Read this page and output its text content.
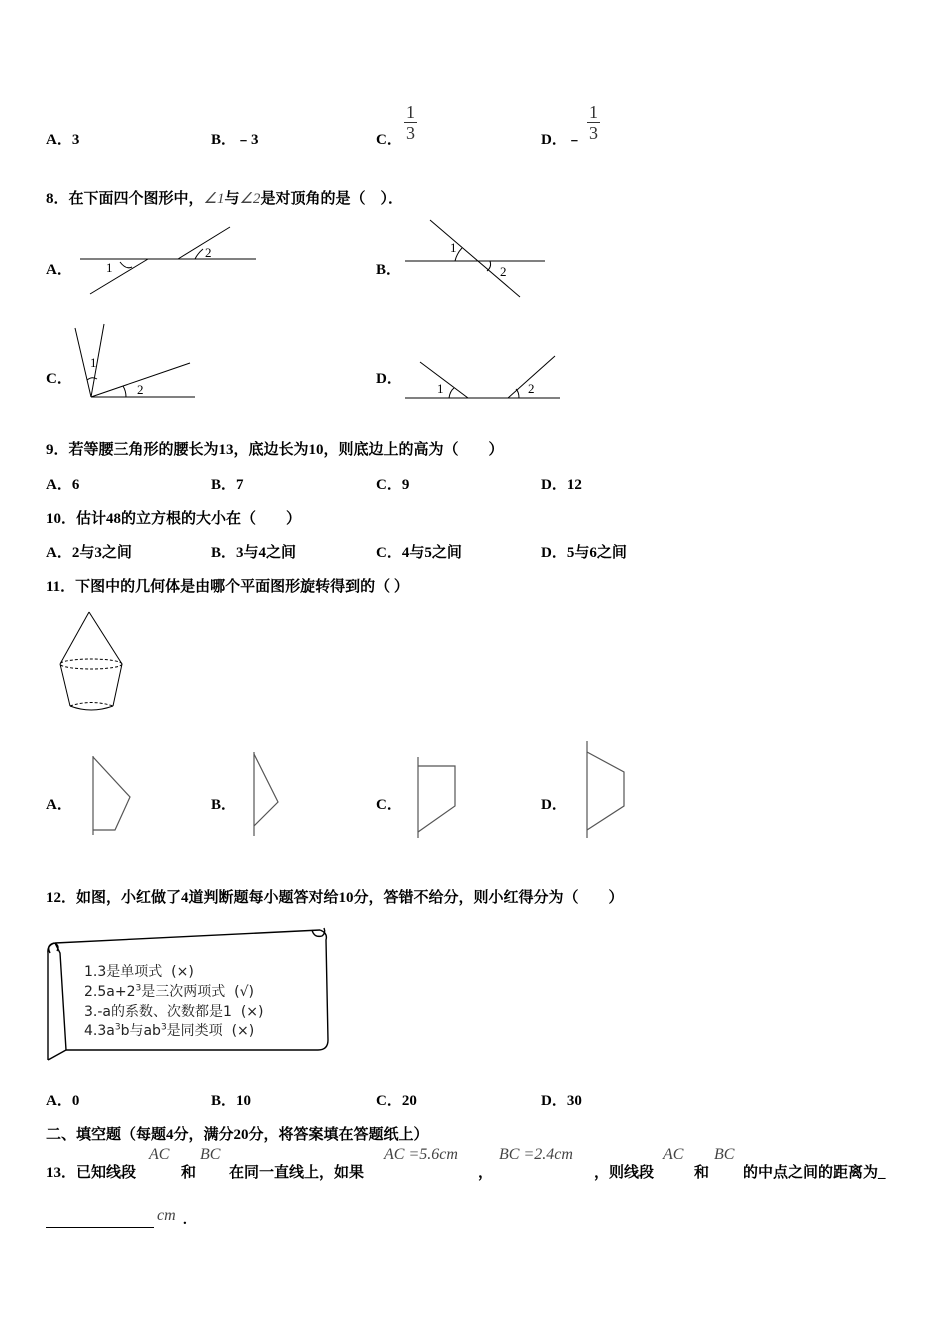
A．3	B．﹣3	C． $\frac{1}{3}$	D．﹣ $\frac{1}{3}$
8．在下面四个图形中，∠1与∠2是对顶角的是（　）．
A．	1
2	1
2
1
2	1	2
B．
C．	D．
9．若等腰三角形的腰长为13，底边长为10，则底边上的高为（　　）
A．6	B．7	C．9	D．12
10．估计48的立方根的大小在（　　）
A．2与3之间	B．3与4之间	C．4与5之间	D．5与6之间
11．下图中的几何体是由哪个平面图形旋转得到的（ ）
A．	B．	C．	D．
12．如图，小红做了4道判断题每小题答对给10分，答错不给分，则小红得分为（　　）
1.3是单项式 (×)
$2.5a+2^3$是三次两项式 (√)
3.-a的系数、次数都是1 (×)
$4.3a^3b$与$ab^3$是同类项 (×)
A．0	B．10	C．20	D．30
二、填空题（每题4分，满分20分，将答案填在答题纸上）
13．已知线段
AC
和
BC
在同一直线上，如果
AC =5.6cm
，
BC =2.4cm
，则线段
AC
和
BC
的中点之间的距离为_
cm .
